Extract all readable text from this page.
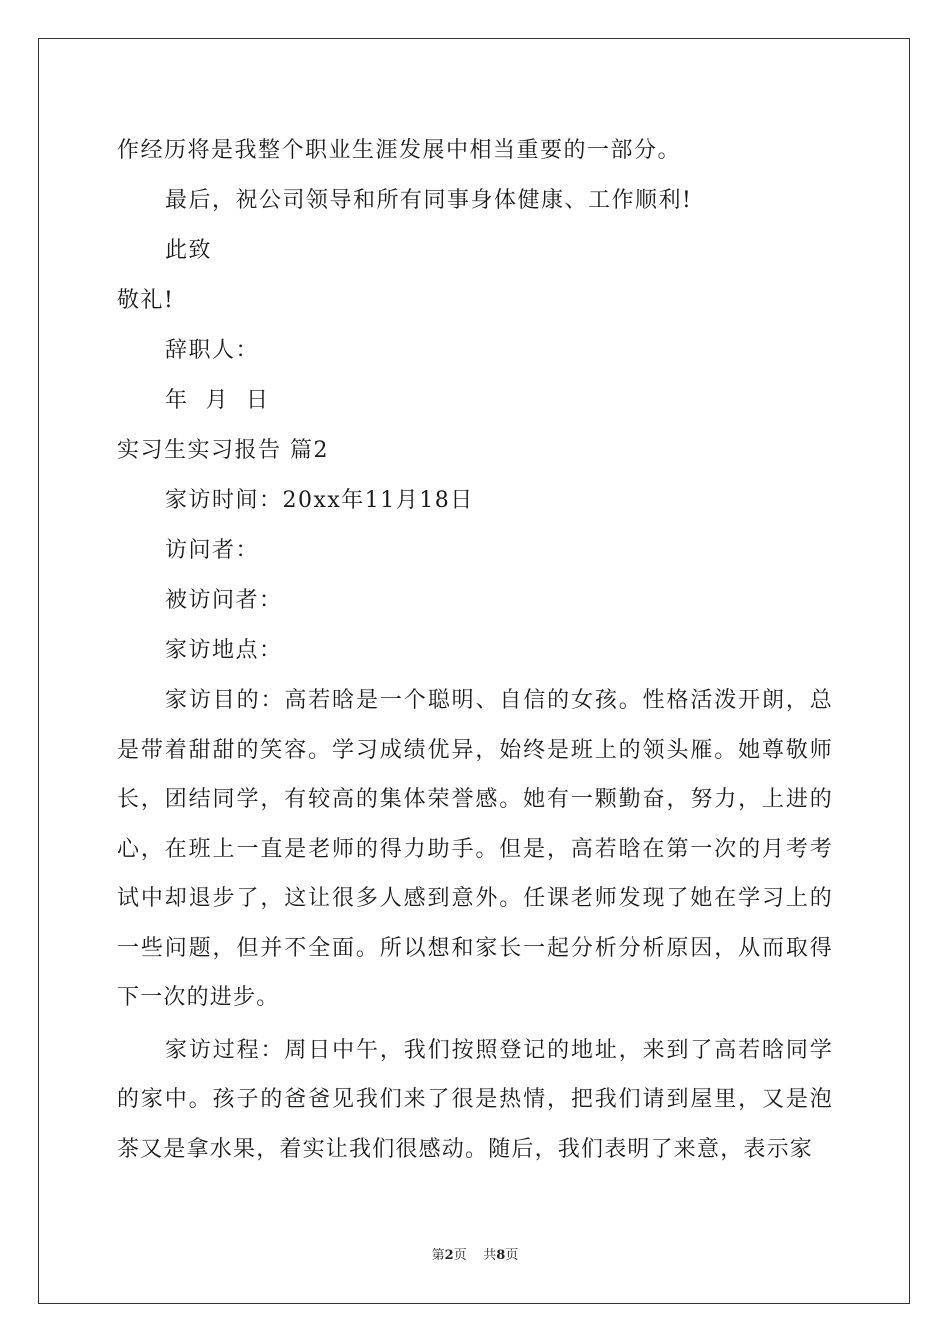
作经历将是我整个职业生涯发展中相当重要的一部分。
最后，祝公司领导和所有同事身体健康、工作顺利!
此致
敬礼!
辞职人：
年  月  日
实习生实习报告 篇2
家访时间：20xx年11月18日
访问者：
被访问者：
家访地点：

家访目的：高若晗是一个聪明、自信的女孩。性格活泼开朗，总是带着甜甜的笑容。学习成绩优异，始终是班上的领头雁。她尊敬师长，团结同学，有较高的集体荣誉感。她有一颗勤奋，努力，上进的心，在班上一直是老师的得力助手。但是，高若晗在第一次的月考考试中却退步了，这让很多人感到意外。任课老师发现了她在学习上的一些问题，但并不全面。所以想和家长一起分析分析原因，从而取得下一次的进步。

家访过程：周日中午，我们按照登记的地址，来到了高若晗同学的家中。孩子的爸爸见我们来了很是热情，把我们请到屋里，又是泡茶又是拿水果，着实让我们很感动。随后，我们表明了来意，表示家

第2页 共8页
